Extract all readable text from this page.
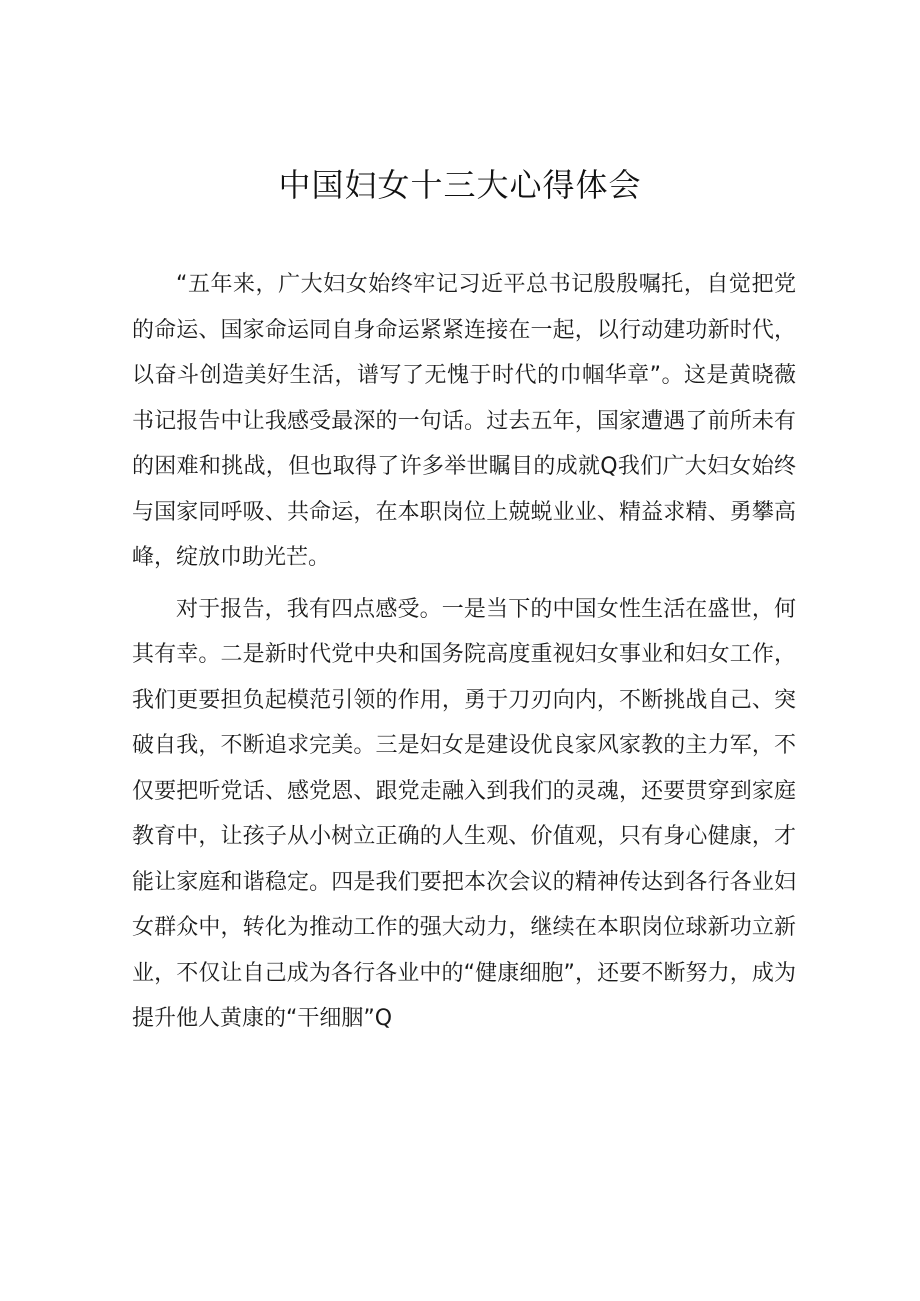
中国妇女十三大心得体会

“五年来，广大妇女始终牢记习近平总书记殷殷嘱托，自觉把党的命运、国家命运同自身命运紧紧连接在一起，以行动建功新时代，以奋斗创造美好生活，谱写了无愧于时代的巾帼华章”。这是黄晓薇书记报告中让我感受最深的一句话。过去五年，国家遭遇了前所未有的困难和挑战，但也取得了许多举世瞩目的成就Q我们广大妇女始终与国家同呼吸、共命运，在本职岗位上兢蜕业业、精益求精、勇攀高峰，绽放巾助光芒。

对于报告，我有四点感受。一是当下的中国女性生活在盛世，何其有幸。二是新时代党中央和国务院高度重视妇女事业和妇女工作，我们更要担负起模范引领的作用，勇于刀刃向内，不断挑战自己、突破自我，不断追求完美。三是妇女是建设优良家风家教的主力军，不仅要把听党话、感党恩、跟党走融入到我们的灵魂，还要贯穿到家庭教育中，让孩子从小树立正确的人生观、价值观，只有身心健康，才能让家庭和谐稳定。四是我们要把本次会议的精神传达到各行各业妇女群众中，转化为推动工作的强大动力，继续在本职岗位球新功立新业，不仅让自己成为各行各业中的“健康细胞”，还要不断努力，成为提升他人黄康的“干细胭”Q
